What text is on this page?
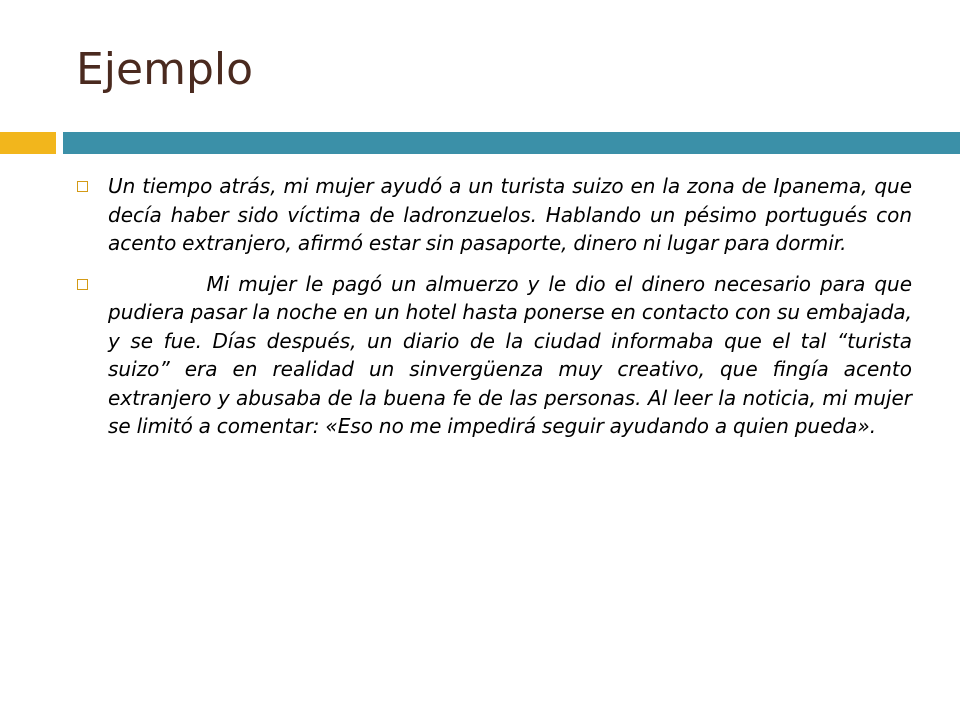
Ejemplo

Un tiempo atrás, mi mujer ayudó a un turista suizo en la zona de Ipanema, que decía haber sido víctima de ladronzuelos. Hablando un pésimo portugués con acento extranjero, afirmó estar sin pasaporte, dinero ni lugar para dormir.

Mi mujer le pagó un almuerzo y le dio el dinero necesario para que pudiera pasar la noche en un hotel hasta ponerse en contacto con su embajada, y se fue. Días después, un diario de la ciudad informaba que el tal “turista suizo” era en realidad un sinvergüenza muy creativo, que fingía acento extranjero y abusaba de la buena fe de las personas. Al leer la noticia, mi mujer se limitó a comentar: «Eso no me impedirá seguir ayudando a quien pueda».
